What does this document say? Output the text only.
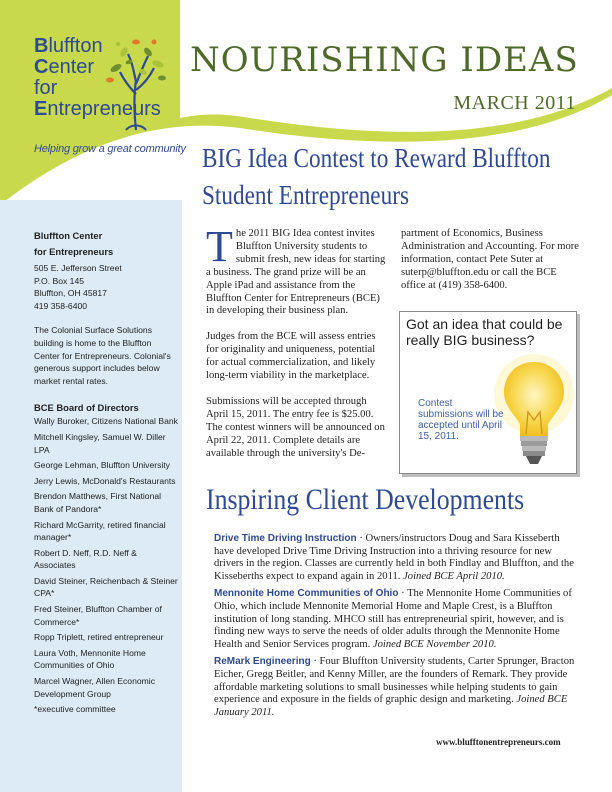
Bluffton
Center
for
Entrepreneurs
Helping grow a great community
NOURISHING IDEAS
MARCH 2011
Bluffton Center
for Entrepreneurs
505 E. Jefferson Street
P.O. Box 145
Bluffton, OH 45817
419 358-6400
The Colonial Surface Solutions building is home to the Bluffton Center for Entrepreneurs. Colonial's generous support includes below market rental rates.
BCE Board of Directors
Wally Buroker, Citizens National Bank
Mitchell Kingsley, Samuel W. Diller LPA
George Lehman, Bluffton University
Jerry Lewis, McDonald's Restaurants
Brendon Matthews, First National Bank of Pandora*
Richard McGarrity, retired financial manager*
Robert D. Neff, R.D. Neff & Associates
David Steiner, Reichenbach & Steiner CPA*
Fred Steiner, Bluffton Chamber of Commerce*
Ropp Triplett, retired entrepreneur
Laura Voth, Mennonite Home Communities of Ohio
Marcel Wagner, Allen Economic Development Group
*executive committee
BIG Idea Contest to Reward Bluffton Student Entrepreneurs
The 2011 BIG Idea contest invites Bluffton University students to submit fresh, new ideas for starting a business. The grand prize will be an Apple iPad and assistance from the Bluffton Center for Entrepreneurs (BCE) in developing their business plan.
Judges from the BCE will assess entries for originality and uniqueness, potential for actual commercialization, and likely long-term viability in the marketplace.
Submissions will be accepted through April 15, 2011. The entry fee is $25.00. The contest winners will be announced on April 22, 2011. Complete details are available through the university's De-
partment of Economics, Business Administration and Accounting. For more information, contact Pete Suter at suterp@bluffton.edu or call the BCE office at (419) 358-6400.
Got an idea that could be really BIG business?
Contest submissions will be accepted until April 15, 2011.
Inspiring Client Developments
Drive Time Driving Instruction · Owners/instructors Doug and Sara Kisseberth have developed Drive Time Driving Instruction into a thriving resource for new drivers in the region. Classes are currently held in both Findlay and Bluffton, and the Kisseberths expect to expand again in 2011. Joined BCE April 2010.
Mennonite Home Communities of Ohio · The Mennonite Home Communities of Ohio, which include Mennonite Memorial Home and Maple Crest, is a Bluffton institution of long standing. MHCO still has entrepreneurial spirit, however, and is finding new ways to serve the needs of older adults through the Mennonite Home Health and Senior Services program. Joined BCE November 2010.
ReMark Engineering · Four Bluffton University students, Carter Sprunger, Bracton Eicher, Gregg Beitler, and Kenny Miller, are the founders of Remark. They provide affordable marketing solutions to small businesses while helping students to gain experience and exposure in the fields of graphic design and marketing. Joined BCE January 2011.
www.blufftonentrepreneurs.com
